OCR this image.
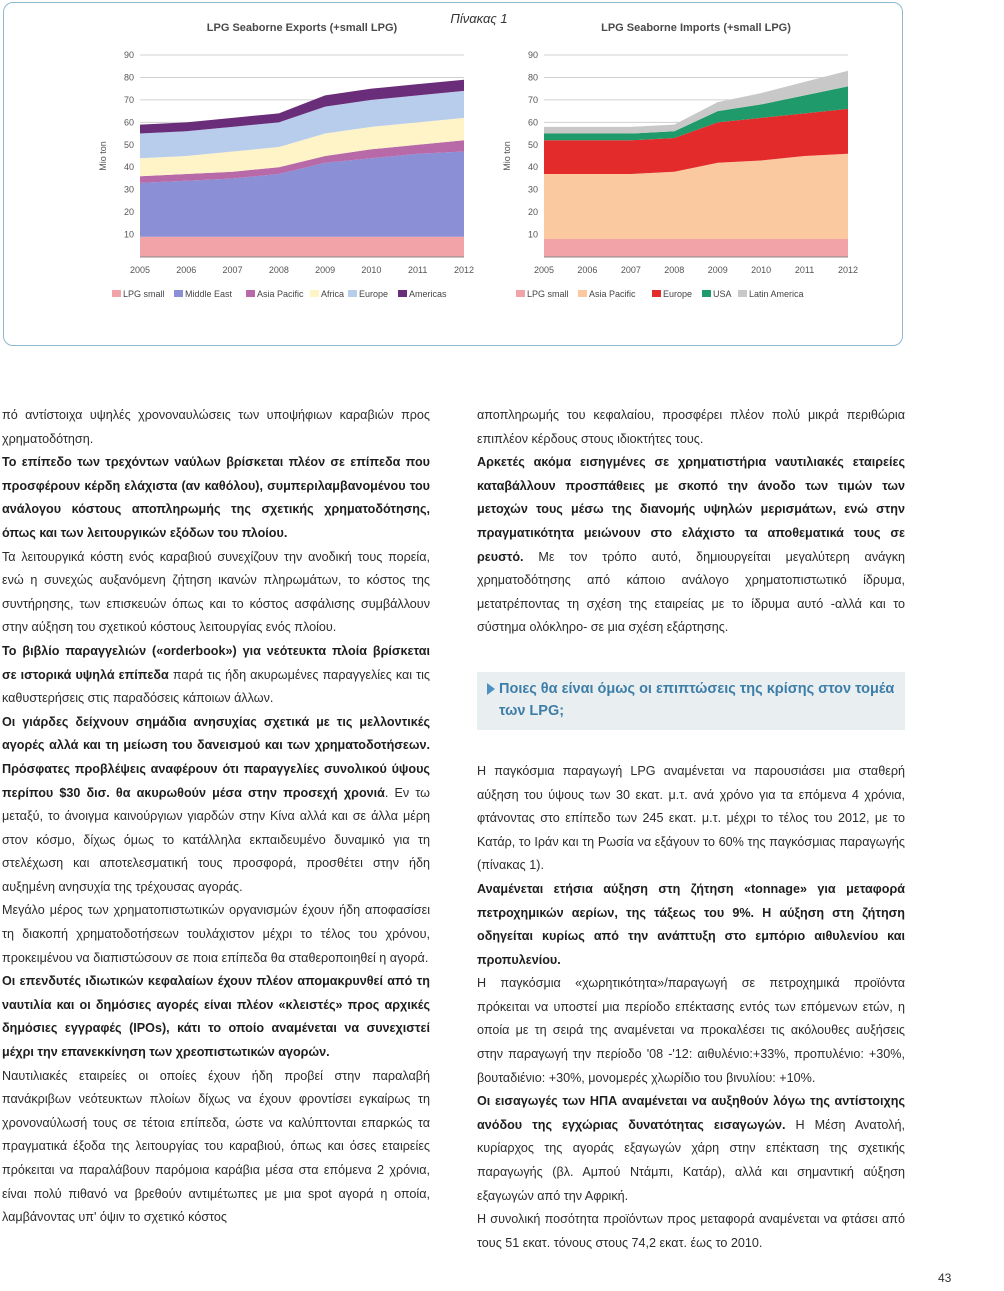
Πίνακας 1
LPG Seaborne Exports (+small LPG)
10
20
30
40
50
60
70
80
90
Mio ton
2005	2006	2007	2008	2009	2010	2011	2012
LPG small Middle East	Asia Pacific Africa Europe Americas
LPG Seaborne Imports (+small LPG)
10
20
30
40
50
60
70
80
90
Mio ton
2005	2006	2007	2008	2009	2010	2011	2012
LPG small Asia Pacific	Europe USA Latin America

πό αντίστοιχα υψηλές χρονοναυλώσεις των υποψήφιων καραβιών προς χρηματοδότηση.

Το επίπεδο των τρεχόντων ναύλων βρίσκεται πλέον σε επίπεδα που προσφέρουν κέρδη ελάχιστα (αν καθόλου), συμπεριλαμβανομένου του ανάλογου κόστους αποπληρωμής της σχετικής χρηματοδότησης, όπως και των λειτουργικών εξόδων του πλοίου.

Τα λειτουργικά κόστη ενός καραβιού συνεχίζουν την ανοδική τους πορεία, ενώ η συνεχώς αυξανόμενη ζήτηση ικανών πληρωμάτων, το κόστος της συντήρησης, των επισκευών όπως και το κόστος ασφάλισης συμβάλλουν στην αύξηση του σχετικού κόστους λειτουργίας ενός πλοίου.

Το βιβλίο παραγγελιών («orderbook») για νεότευκτα πλοία βρίσκεται σε ιστορικά υψηλά επίπεδα παρά τις ήδη ακυρωμένες παραγγελίες και τις καθυστερήσεις στις παραδόσεις κάποιων άλλων.

Οι γιάρδες δείχνουν σημάδια ανησυχίας σχετικά με τις μελλοντικές αγορές αλλά και τη μείωση του δανεισμού και των χρηματοδοτήσεων. Πρόσφατες προβλέψεις αναφέρουν ότι παραγγελίες συνολικού ύψους περίπου $30 δισ. θα ακυρωθούν μέσα στην προσεχή χρονιά. Εν τω μεταξύ, το άνοιγμα καινούργιων γιαρδών στην Κίνα αλλά και σε άλλα μέρη στον κόσμο, δίχως όμως το κατάλληλα εκπαιδευμένο δυναμικό για τη στελέχωση και αποτελεσματική τους προσφορά, προσθέτει στην ήδη αυξημένη ανησυχία της τρέχουσας αγοράς.

Μεγάλο μέρος των χρηματοπιστωτικών οργανισμών έχουν ήδη αποφασίσει τη διακοπή χρηματοδοτήσεων τουλάχιστον μέχρι το τέλος του χρόνου, προκειμένου να διαπιστώσουν σε ποια επίπεδα θα σταθεροποιηθεί η αγορά.

Οι επενδυτές ιδιωτικών κεφαλαίων έχουν πλέον απομακρυνθεί από τη ναυτιλία και οι δημόσιες αγορές είναι πλέον «κλειστές» προς αρχικές δημόσιες εγγραφές (IPOs), κάτι το οποίο αναμένεται να συνεχιστεί μέχρι την επανεκκίνηση των χρεοπιστωτικών αγορών.

Ναυτιλιακές εταιρείες οι οποίες έχουν ήδη προβεί στην παραλαβή πανάκριβων νεότευκτων πλοίων δίχως να έχουν φροντίσει εγκαίρως τη χρονοναύλωσή τους σε τέτοια επίπεδα, ώστε να καλύπτονται επαρκώς τα πραγματικά έξοδα της λειτουργίας του καραβιού, όπως και όσες εταιρείες πρόκειται να παραλάβουν παρόμοια καράβια μέσα στα επόμενα 2 χρόνια, είναι πολύ πιθανό να βρεθούν αντιμέτωπες με μια spot αγορά η οποία, λαμβάνοντας υπ' όψιν το σχετικό κόστος

αποπληρωμής του κεφαλαίου, προσφέρει πλέον πολύ μικρά περιθώρια επιπλέον κέρδους στους ιδιοκτήτες τους.

Αρκετές ακόμα εισηγμένες σε χρηματιστήρια ναυτιλιακές εταιρείες καταβάλλουν προσπάθειες με σκοπό την άνοδο των τιμών των μετοχών τους μέσω της διανομής υψηλών μερισμάτων, ενώ στην πραγματικότητα μειώνουν στο ελάχιστο τα αποθεματικά τους σε ρευστό. Με τον τρόπο αυτό, δημιουργείται μεγαλύτερη ανάγκη χρηματοδότησης από κάποιο ανάλογο χρηματοπιστωτικό ίδρυμα, μετατρέποντας τη σχέση της εταιρείας με το ίδρυμα αυτό -αλλά και το σύστημα ολόκληρο- σε μια σχέση εξάρτησης.

Ποιες θα είναι όμως οι επιπτώσεις της κρίσης στον τομέα των LPG;

Η παγκόσμια παραγωγή LPG αναμένεται να παρουσιάσει μια σταθερή αύξηση του ύψους των 30 εκατ. μ.τ. ανά χρόνο για τα επόμενα 4 χρόνια, φτάνοντας στο επίπεδο των 245 εκατ. μ.τ. μέχρι το τέλος του 2012, με το Κατάρ, το Ιράν και τη Ρωσία να εξάγουν το 60% της παγκόσμιας παραγωγής (πίνακας 1).

Αναμένεται ετήσια αύξηση στη ζήτηση «tonnage» για μεταφορά πετροχημικών αερίων, της τάξεως του 9%. Η αύξηση στη ζήτηση οδηγείται κυρίως από την ανάπτυξη στο εμπόριο αιθυλενίου και προπυλενίου.

Η παγκόσμια «χωρητικότητα»/παραγωγή σε πετροχημικά προϊόντα πρόκειται να υποστεί μια περίοδο επέκτασης εντός των επόμενων ετών, η οποία με τη σειρά της αναμένεται να προκαλέσει τις ακόλουθες αυξήσεις στην παραγωγή την περίοδο '08 -'12: αιθυλένιο:+33%, προπυλένιο: +30%, βουταδιένιο: +30%, μονομερές χλωρίδιο του βινυλίου: +10%.

Οι εισαγωγές των ΗΠΑ αναμένεται να αυξηθούν λόγω της αντίστοιχης ανόδου της εγχώριας δυνατότητας εισαγωγών. Η Μέση Ανατολή, κυρίαρχος της αγοράς εξαγωγών χάρη στην επέκταση της σχετικής παραγωγής (βλ. Αμπού Ντάμπι, Κατάρ), αλλά και σημαντική αύξηση εξαγωγών από την Αφρική.

Η συνολική ποσότητα προϊόντων προς μεταφορά αναμένεται να φτάσει από τους 51 εκατ. τόνους στους 74,2 εκατ. έως το 2010.

43
